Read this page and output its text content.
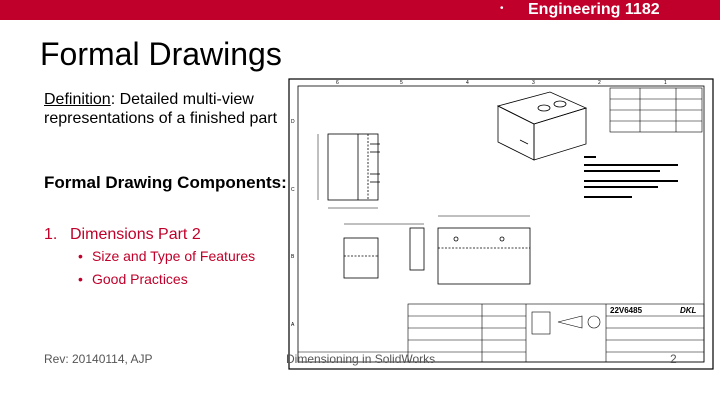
• Engineering 1182
Formal Drawings
Definition: Detailed multi-view representations of a finished part
Formal Drawing Components:
1. Dimensions Part 2
• Size and Type of Features
• Good Practices
6	5	4	3	2	1
D
C
B
A
22V6485	DKL
Rev: 20140114, AJP	Dimensioning in SolidWorks	2
